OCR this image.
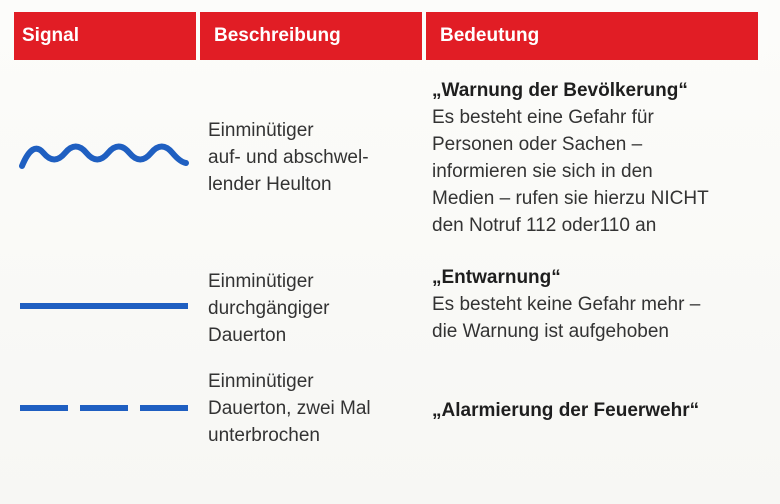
Signal	Beschreibung	Bedeutung
Einminütiger
auf- und abschwel-
lender Heulton
„Warnung der Bevölkerung“
Es besteht eine Gefahr für
Personen oder Sachen –
informieren sie sich in den
Medien – rufen sie hierzu NICHT
den Notruf 112 oder110 an
Einminütiger
durchgängiger
Dauerton
„Entwarnung“
Es besteht keine Gefahr mehr –
die Warnung ist aufgehoben
Einminütiger
Dauerton, zwei Mal
unterbrochen
„Alarmierung der Feuerwehr“
